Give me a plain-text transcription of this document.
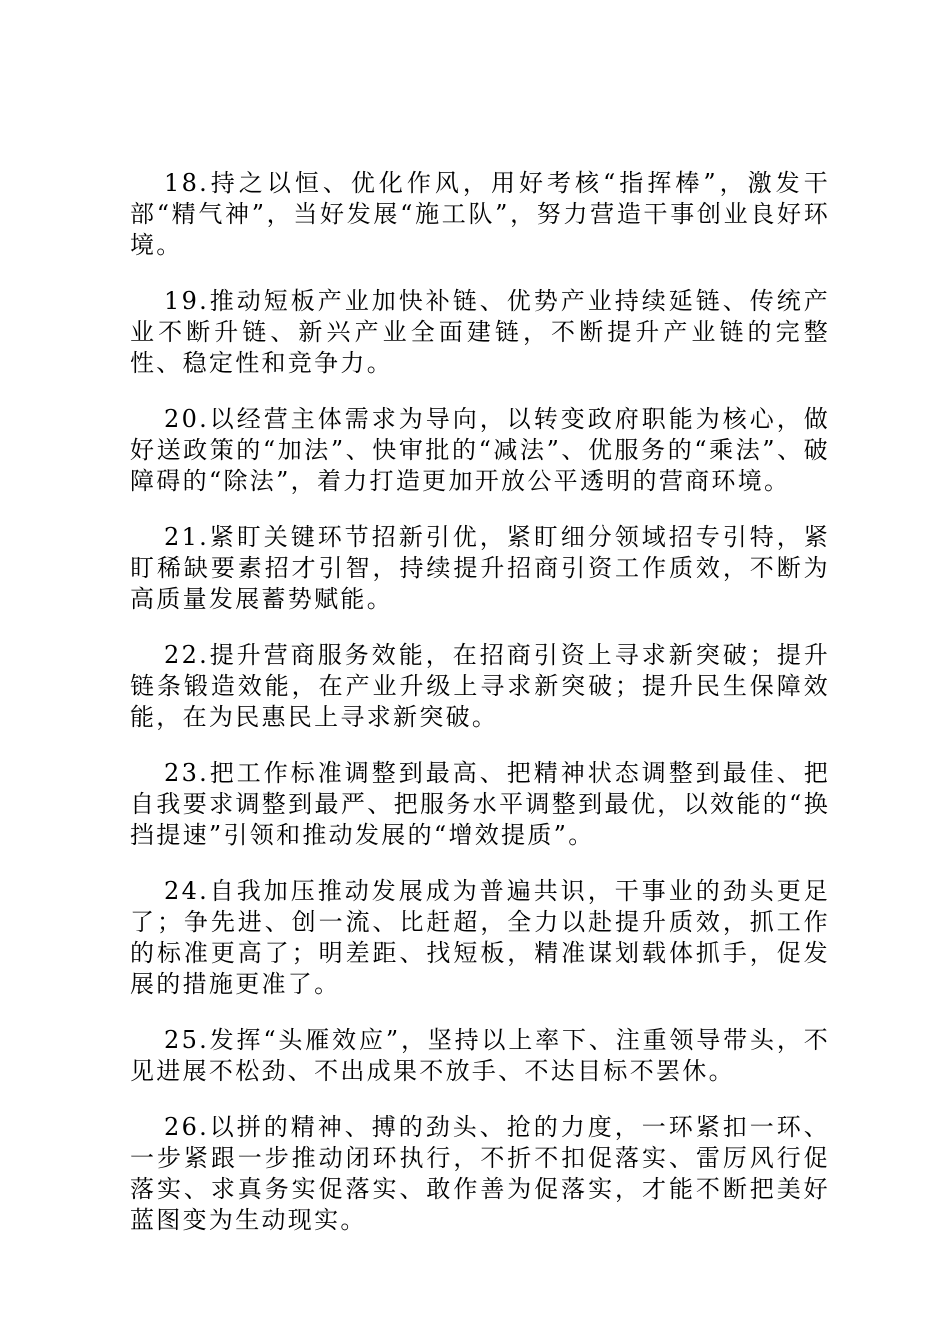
18.持之以恒、优化作风，用好考核“指挥棒”，激发干部“精气神”，当好发展“施工队”，努力营造干事创业良好环境。

19.推动短板产业加快补链、优势产业持续延链、传统产业不断升链、新兴产业全面建链，不断提升产业链的完整性、稳定性和竞争力。

20.以经营主体需求为导向，以转变政府职能为核心，做好送政策的“加法”、快审批的“减法”、优服务的“乘法”、破障碍的“除法”，着力打造更加开放公平透明的营商环境。

21.紧盯关键环节招新引优，紧盯细分领域招专引特，紧盯稀缺要素招才引智，持续提升招商引资工作质效，不断为高质量发展蓄势赋能。

22.提升营商服务效能，在招商引资上寻求新突破；提升链条锻造效能，在产业升级上寻求新突破；提升民生保障效能，在为民惠民上寻求新突破。

23.把工作标准调整到最高、把精神状态调整到最佳、把自我要求调整到最严、把服务水平调整到最优，以效能的“换挡提速”引领和推动发展的“增效提质”。

24.自我加压推动发展成为普遍共识，干事业的劲头更足了；争先进、创一流、比赶超，全力以赴提升质效，抓工作的标准更高了；明差距、找短板，精准谋划载体抓手，促发展的措施更准了。

25.发挥“头雁效应”，坚持以上率下、注重领导带头，不见进展不松劲、不出成果不放手、不达目标不罢休。

26.以拼的精神、搏的劲头、抢的力度，一环紧扣一环、一步紧跟一步推动闭环执行，不折不扣促落实、雷厉风行促落实、求真务实促落实、敢作善为促落实，才能不断把美好蓝图变为生动现实。
